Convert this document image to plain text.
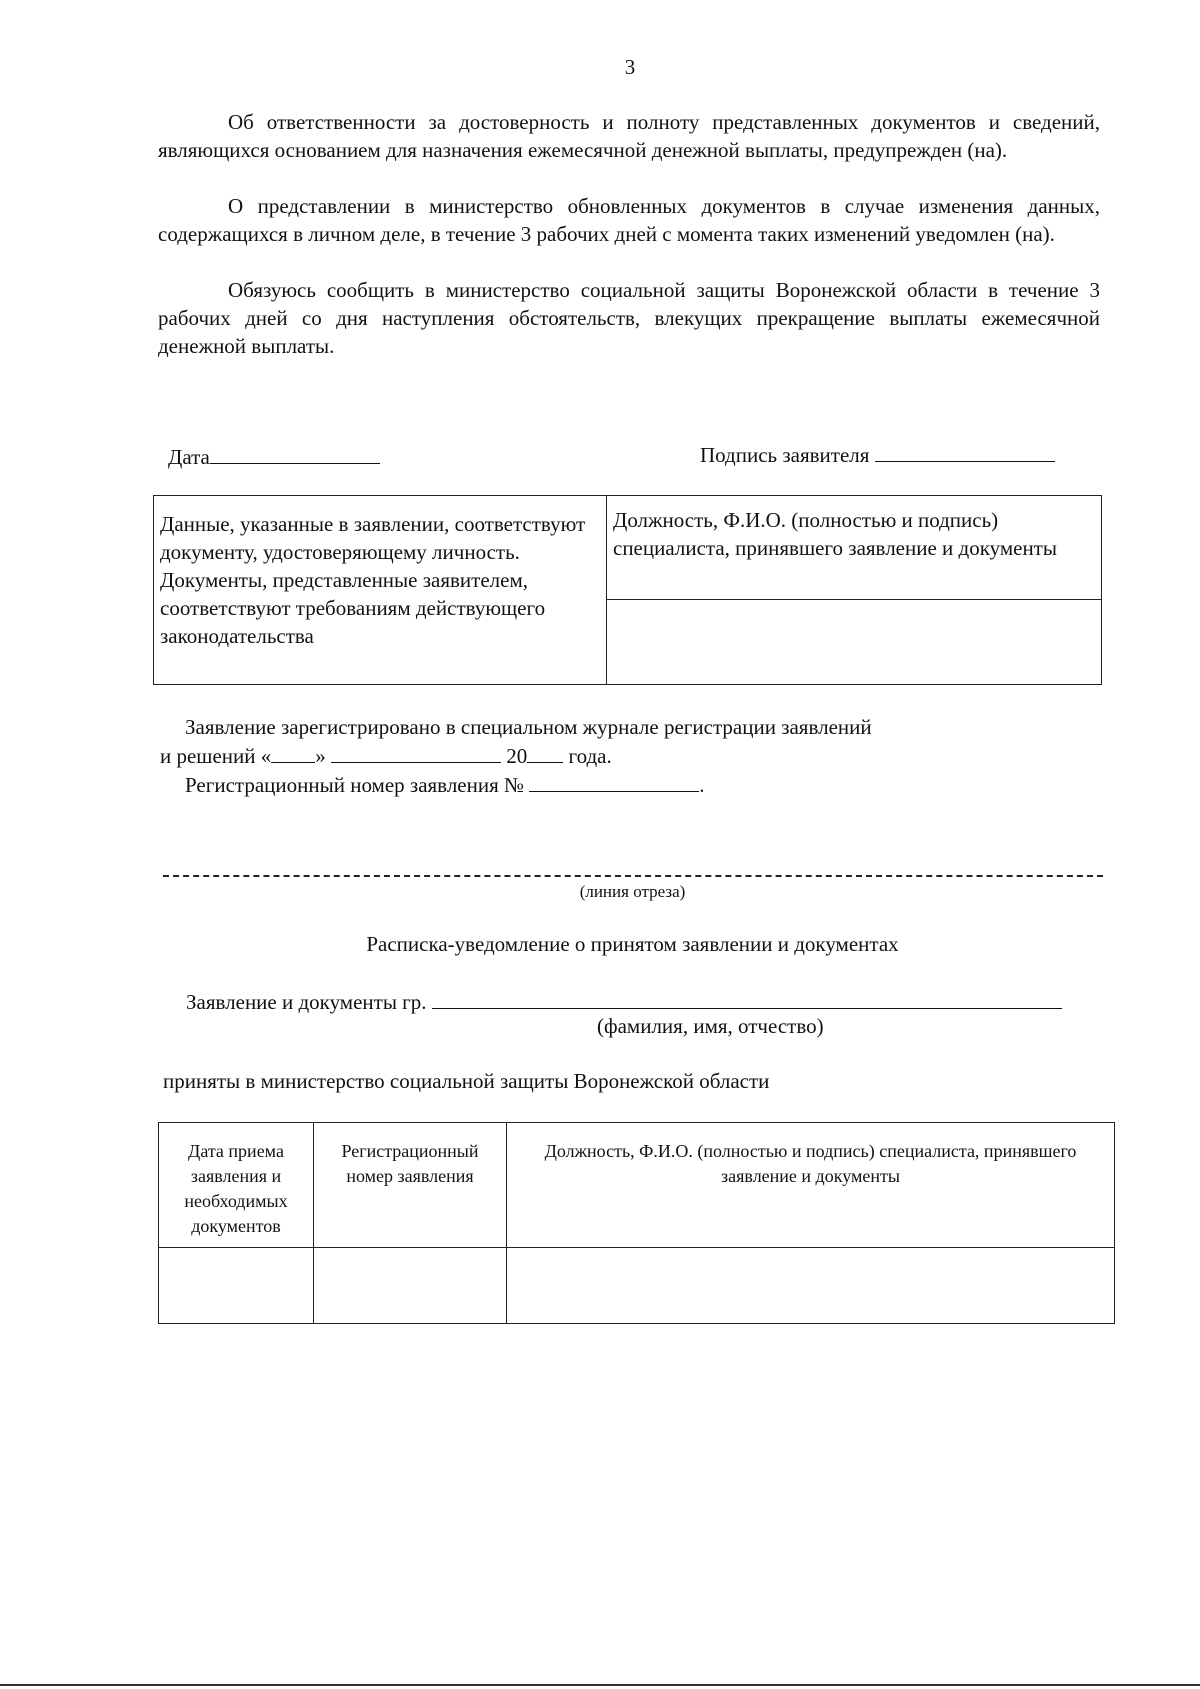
3

Об ответственности за достоверность и полноту представленных документов и сведений, являющихся основанием для назначения ежемесячной денежной выплаты, предупрежден (на).

О представлении в министерство обновленных документов в случае изменения данных, содержащихся в личном деле, в течение 3 рабочих дней с момента таких изменений уведомлен (на).

Обязуюсь сообщить в министерство социальной защиты Воронежской области в течение 3 рабочих дней со дня наступления обстоятельств, влекущих прекращение выплаты ежемесячной денежной выплаты.

Дата	Подпись заявителя
Данные, указанные в заявлении, соответствуют документу, удостоверяющему личность. Документы, представленные заявителем, соответствуют требованиям действующего законодательства	Должность, Ф.И.О. (полностью и подпись) специалиста, принявшего заявление и документы

Заявление зарегистрировано в специальном журнале регистрации заявлений
и решений « »	20 года.
Регистрационный номер заявления №	.
(линия отреза)
Расписка-уведомление о принятом заявлении и документах
Заявление и документы гр.
(фамилия, имя, отчество)
приняты в министерство социальной защиты Воронежской области
Дата приема заявления и необходимых документов	Регистрационный номер заявления	Должность, Ф.И.О. (полностью и подпись) специалиста, принявшего заявление и документы
